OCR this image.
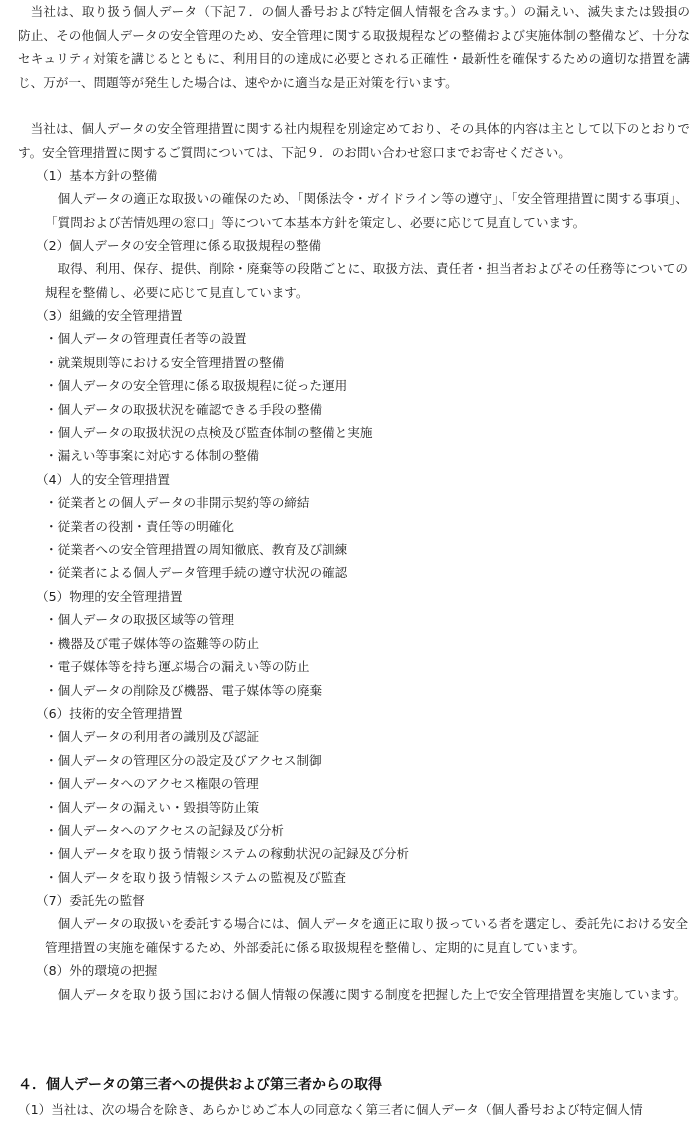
当社は、取り扱う個人データ（下記７．の個人番号および特定個人情報を含みます。）の漏えい、滅失または毀損の防止、その他個人データの安全管理のため、安全管理に関する取扱規程などの整備および実施体制の整備など、十分なセキュリティ対策を講じるとともに、利用目的の達成に必要とされる正確性・最新性を確保するための適切な措置を講じ、万が一、問題等が発生した場合は、速やかに適当な是正対策を行います。

当社は、個人データの安全管理措置に関する社内規程を別途定めており、その具体的内容は主として以下のとおりです。安全管理措置に関するご質問については、下記９．のお問い合わせ窓口までお寄せください。

（1）基本方針の整備

個人データの適正な取扱いの確保のため、「関係法令・ガイドライン等の遵守」、「安全管理措置に関する事項」、「質問および苦情処理の窓口」等について本基本方針を策定し、必要に応じて見直しています。

（2）個人データの安全管理に係る取扱規程の整備

取得、利用、保存、提供、削除・廃棄等の段階ごとに、取扱方法、責任者・担当者およびその任務等についての規程を整備し、必要に応じて見直しています。

（3）組織的安全管理措置

・個人データの管理責任者等の設置

・就業規則等における安全管理措置の整備

・個人データの安全管理に係る取扱規程に従った運用

・個人データの取扱状況を確認できる手段の整備

・個人データの取扱状況の点検及び監査体制の整備と実施

・漏えい等事案に対応する体制の整備

（4）人的安全管理措置

・従業者との個人データの非開示契約等の締結

・従業者の役割・責任等の明確化

・従業者への安全管理措置の周知徹底、教育及び訓練

・従業者による個人データ管理手続の遵守状況の確認

（5）物理的安全管理措置

・個人データの取扱区域等の管理

・機器及び電子媒体等の盗難等の防止

・電子媒体等を持ち運ぶ場合の漏えい等の防止

・個人データの削除及び機器、電子媒体等の廃棄

（6）技術的安全管理措置

・個人データの利用者の識別及び認証

・個人データの管理区分の設定及びアクセス制御

・個人データへのアクセス権限の管理

・個人データの漏えい・毀損等防止策

・個人データへのアクセスの記録及び分析

・個人データを取り扱う情報システムの稼動状況の記録及び分析

・個人データを取り扱う情報システムの監視及び監査

（7）委託先の監督

個人データの取扱いを委託する場合には、個人データを適正に取り扱っている者を選定し、委託先における安全管理措置の実施を確保するため、外部委託に係る取扱規程を整備し、定期的に見直しています。

（8）外的環境の把握

個人データを取り扱う国における個人情報の保護に関する制度を把握した上で安全管理措置を実施しています。

４．個人データの第三者への提供および第三者からの取得

（1）当社は、次の場合を除き、あらかじめご本人の同意なく第三者に個人データ（個人番号および特定個人情
